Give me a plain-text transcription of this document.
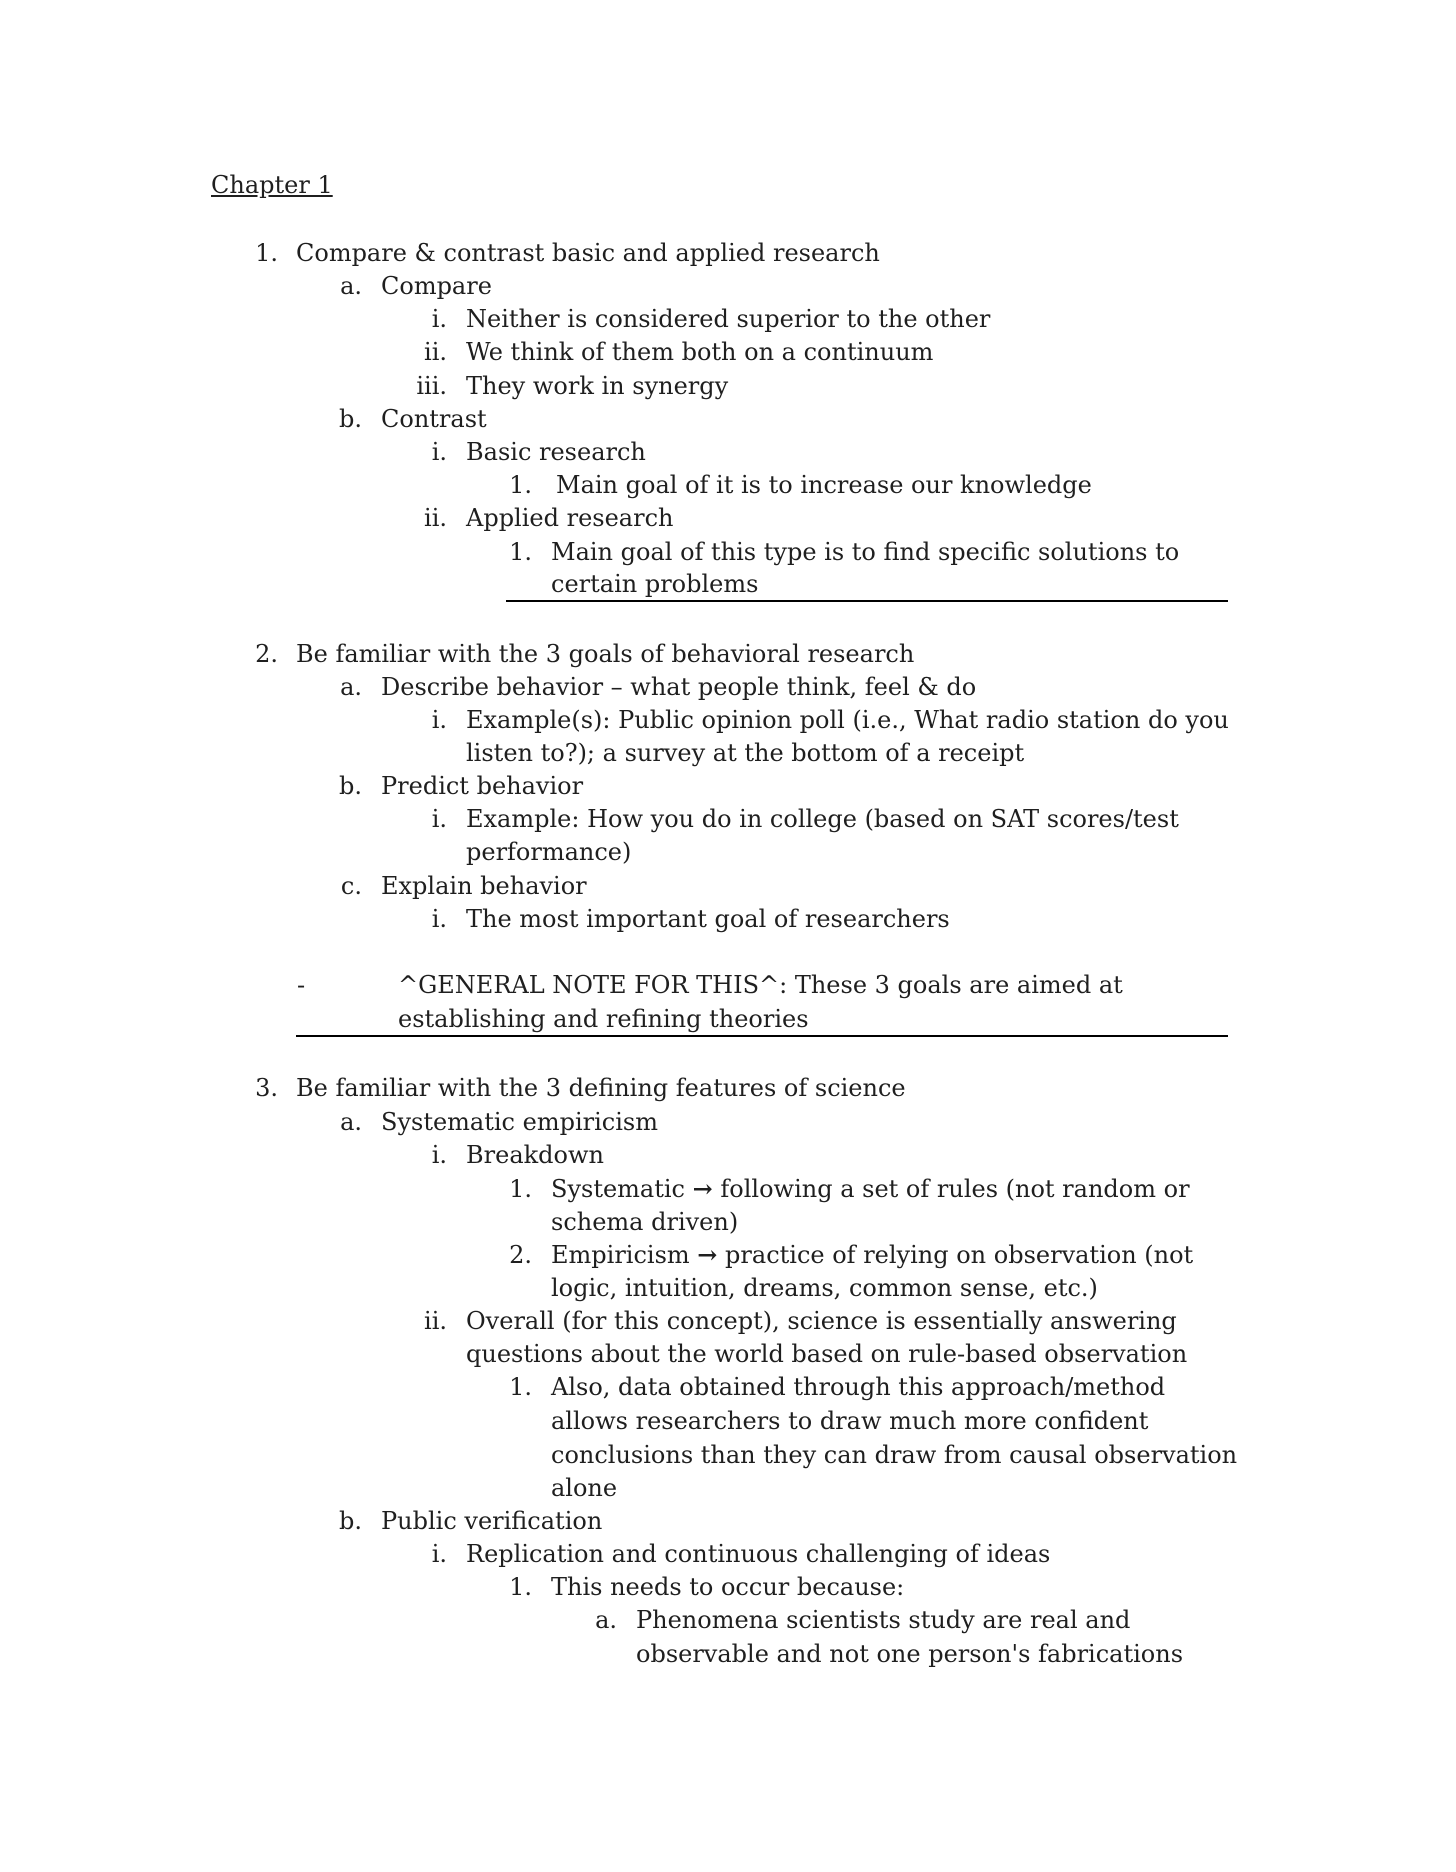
Chapter 1
1. Compare & contrast basic and applied research
a. Compare
i. Neither is considered superior to the other
ii. We think of them both on a continuum
iii. They work in synergy
b. Contrast
i. Basic research
1. Main goal of it is to increase our knowledge
ii. Applied research
1. Main goal of this type is to find specific solutions to
certain problems
2. Be familiar with the 3 goals of behavioral research
a. Describe behavior – what people think, feel & do
i. Example(s): Public opinion poll (i.e., What radio station do you
listen to?); a survey at the bottom of a receipt
b. Predict behavior
i. Example: How you do in college (based on SAT scores/test
performance)
c. Explain behavior
i. The most important goal of researchers
-	^GENERAL NOTE FOR THIS^: These 3 goals are aimed at
establishing and refining theories
3. Be familiar with the 3 defining features of science
a. Systematic empiricism
i. Breakdown
1. Systematic → following a set of rules (not random or
schema driven)
2. Empiricism → practice of relying on observation (not
logic, intuition, dreams, common sense, etc.)
ii. Overall (for this concept), science is essentially answering
questions about the world based on rule-based observation
1. Also, data obtained through this approach/method
allows researchers to draw much more confident
conclusions than they can draw from causal observation
alone
b. Public verification
i. Replication and continuous challenging of ideas
1. This needs to occur because:
a. Phenomena scientists study are real and
observable and not one person's fabrications
